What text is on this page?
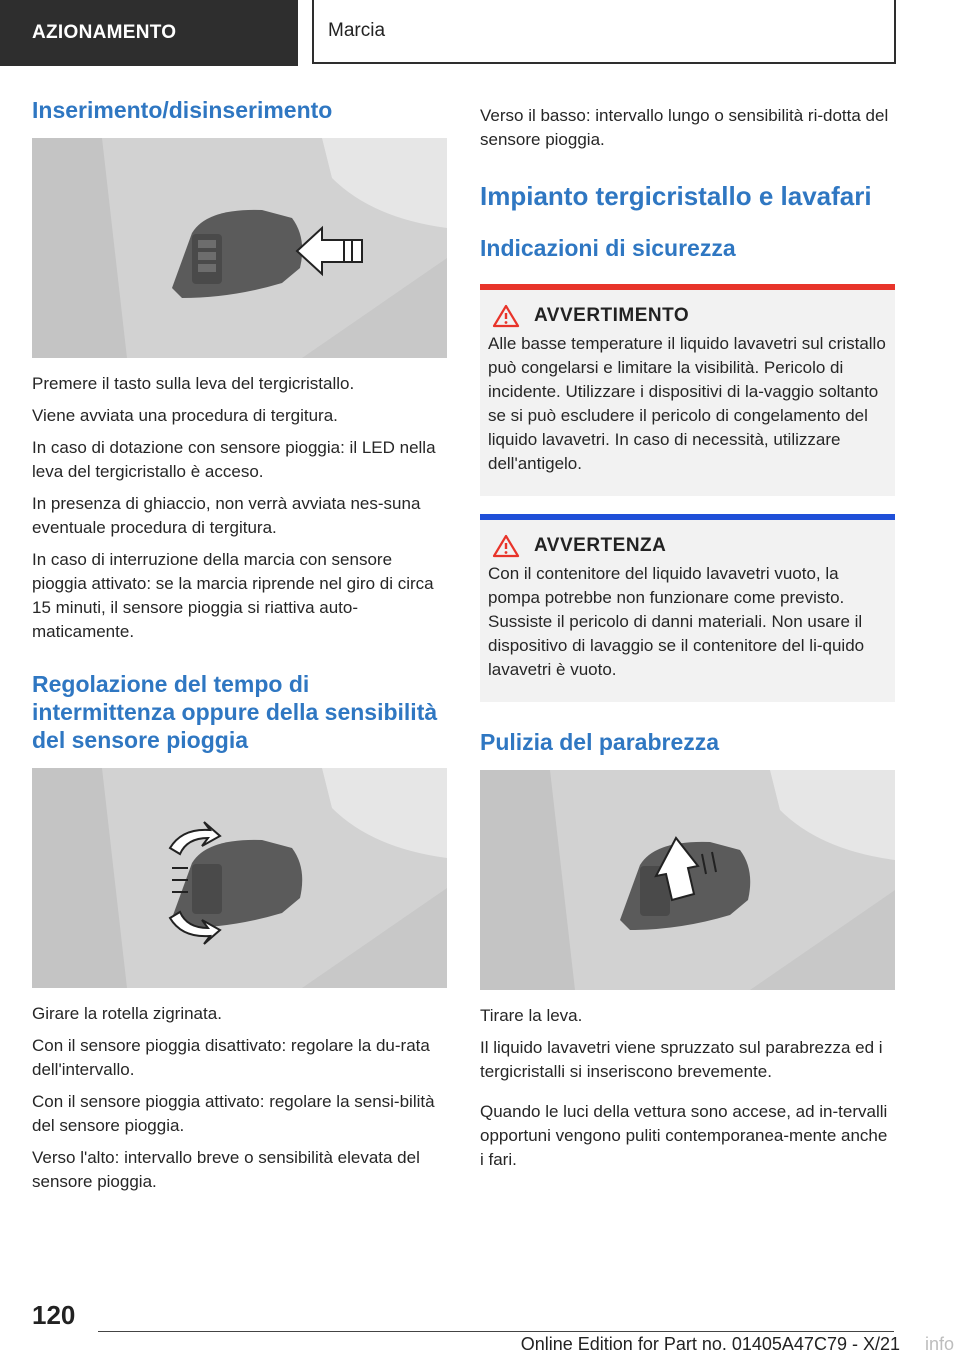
AZIONAMENTO	Marcia
Inserimento/disinserimento

Premere il tasto sulla leva del tergicristallo.

Viene avviata una procedura di tergitura.

In caso di dotazione con sensore pioggia: il LED nella leva del tergicristallo è acceso.

In presenza di ghiaccio, non verrà avviata nes-suna eventuale procedura di tergitura.

In caso di interruzione della marcia con sensore pioggia attivato: se la marcia riprende nel giro di circa 15 minuti, il sensore pioggia si riattiva auto-maticamente.

Regolazione del tempo di intermittenza oppure della sensibilità del sensore pioggia

Girare la rotella zigrinata.

Con il sensore pioggia disattivato: regolare la du-rata dell'intervallo.

Con il sensore pioggia attivato: regolare la sensi-bilità del sensore pioggia.

Verso l'alto: intervallo breve o sensibilità elevata del sensore pioggia.

Verso il basso: intervallo lungo o sensibilità ri-dotta del sensore pioggia.

Impianto tergicristallo e lavafari
Indicazioni di sicurezza
AVVERTIMENTO

Alle basse temperature il liquido lavavetri sul cristallo può congelarsi e limitare la visibilità. Pericolo di incidente. Utilizzare i dispositivi di la-vaggio soltanto se si può escludere il pericolo di congelamento del liquido lavavetri. In caso di necessità, utilizzare dell'antigelo.

AVVERTENZA

Con il contenitore del liquido lavavetri vuoto, la pompa potrebbe non funzionare come previsto. Sussiste il pericolo di danni materiali. Non usare il dispositivo di lavaggio se il contenitore del li-quido lavavetri è vuoto.

Pulizia del parabrezza

Tirare la leva.

Il liquido lavavetri viene spruzzato sul parabrezza ed i tergicristalli si inseriscono brevemente.

Quando le luci della vettura sono accese, ad in-tervalli opportuni vengono puliti contemporanea-mente anche i fari.

120
Online Edition for Part no. 01405A47C79 - X/21 info
